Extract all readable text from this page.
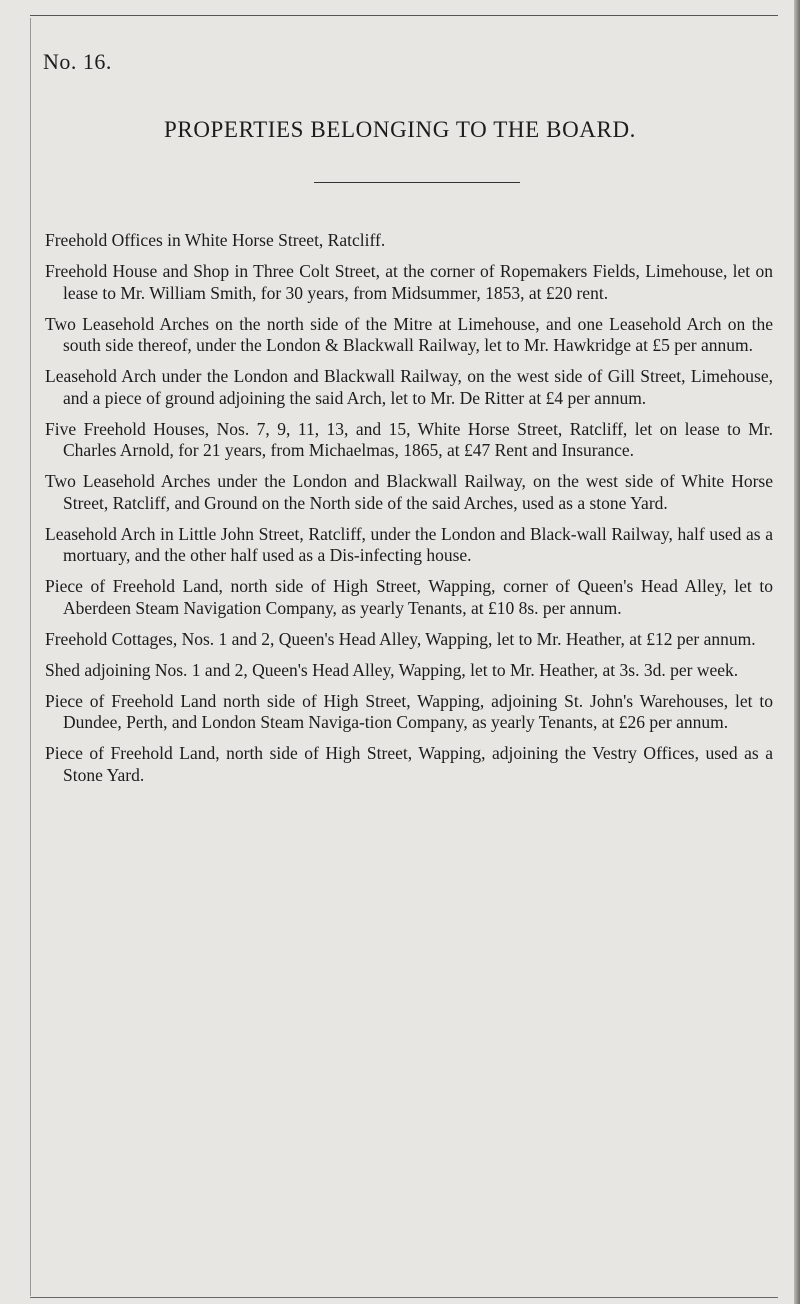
No. 16.
PROPERTIES BELONGING TO THE BOARD.
Freehold Offices in White Horse Street, Ratcliff.
Freehold House and Shop in Three Colt Street, at the corner of Ropemakers Fields, Limehouse, let on lease to Mr. William Smith, for 30 years, from Midsummer, 1853, at £20 rent.
Two Leasehold Arches on the north side of the Mitre at Limehouse, and one Leasehold Arch on the south side thereof, under the London & Blackwall Railway, let to Mr. Hawkridge at £5 per annum.
Leasehold Arch under the London and Blackwall Railway, on the west side of Gill Street, Limehouse, and a piece of ground adjoining the said Arch, let to Mr. De Ritter at £4 per annum.
Five Freehold Houses, Nos. 7, 9, 11, 13, and 15, White Horse Street, Ratcliff, let on lease to Mr. Charles Arnold, for 21 years, from Michaelmas, 1865, at £47 Rent and Insurance.
Two Leasehold Arches under the London and Blackwall Railway, on the west side of White Horse Street, Ratcliff, and Ground on the North side of the said Arches, used as a stone Yard.
Leasehold Arch in Little John Street, Ratcliff, under the London and Black-wall Railway, half used as a mortuary, and the other half used as a Dis-infecting house.
Piece of Freehold Land, north side of High Street, Wapping, corner of Queen's Head Alley, let to Aberdeen Steam Navigation Company, as yearly Tenants, at £10 8s. per annum.
Freehold Cottages, Nos. 1 and 2, Queen's Head Alley, Wapping, let to Mr. Heather, at £12 per annum.
Shed adjoining Nos. 1 and 2, Queen's Head Alley, Wapping, let to Mr. Heather, at 3s. 3d. per week.
Piece of Freehold Land north side of High Street, Wapping, adjoining St. John's Warehouses, let to Dundee, Perth, and London Steam Naviga-tion Company, as yearly Tenants, at £26 per annum.
Piece of Freehold Land, north side of High Street, Wapping, adjoining the Vestry Offices, used as a Stone Yard.
